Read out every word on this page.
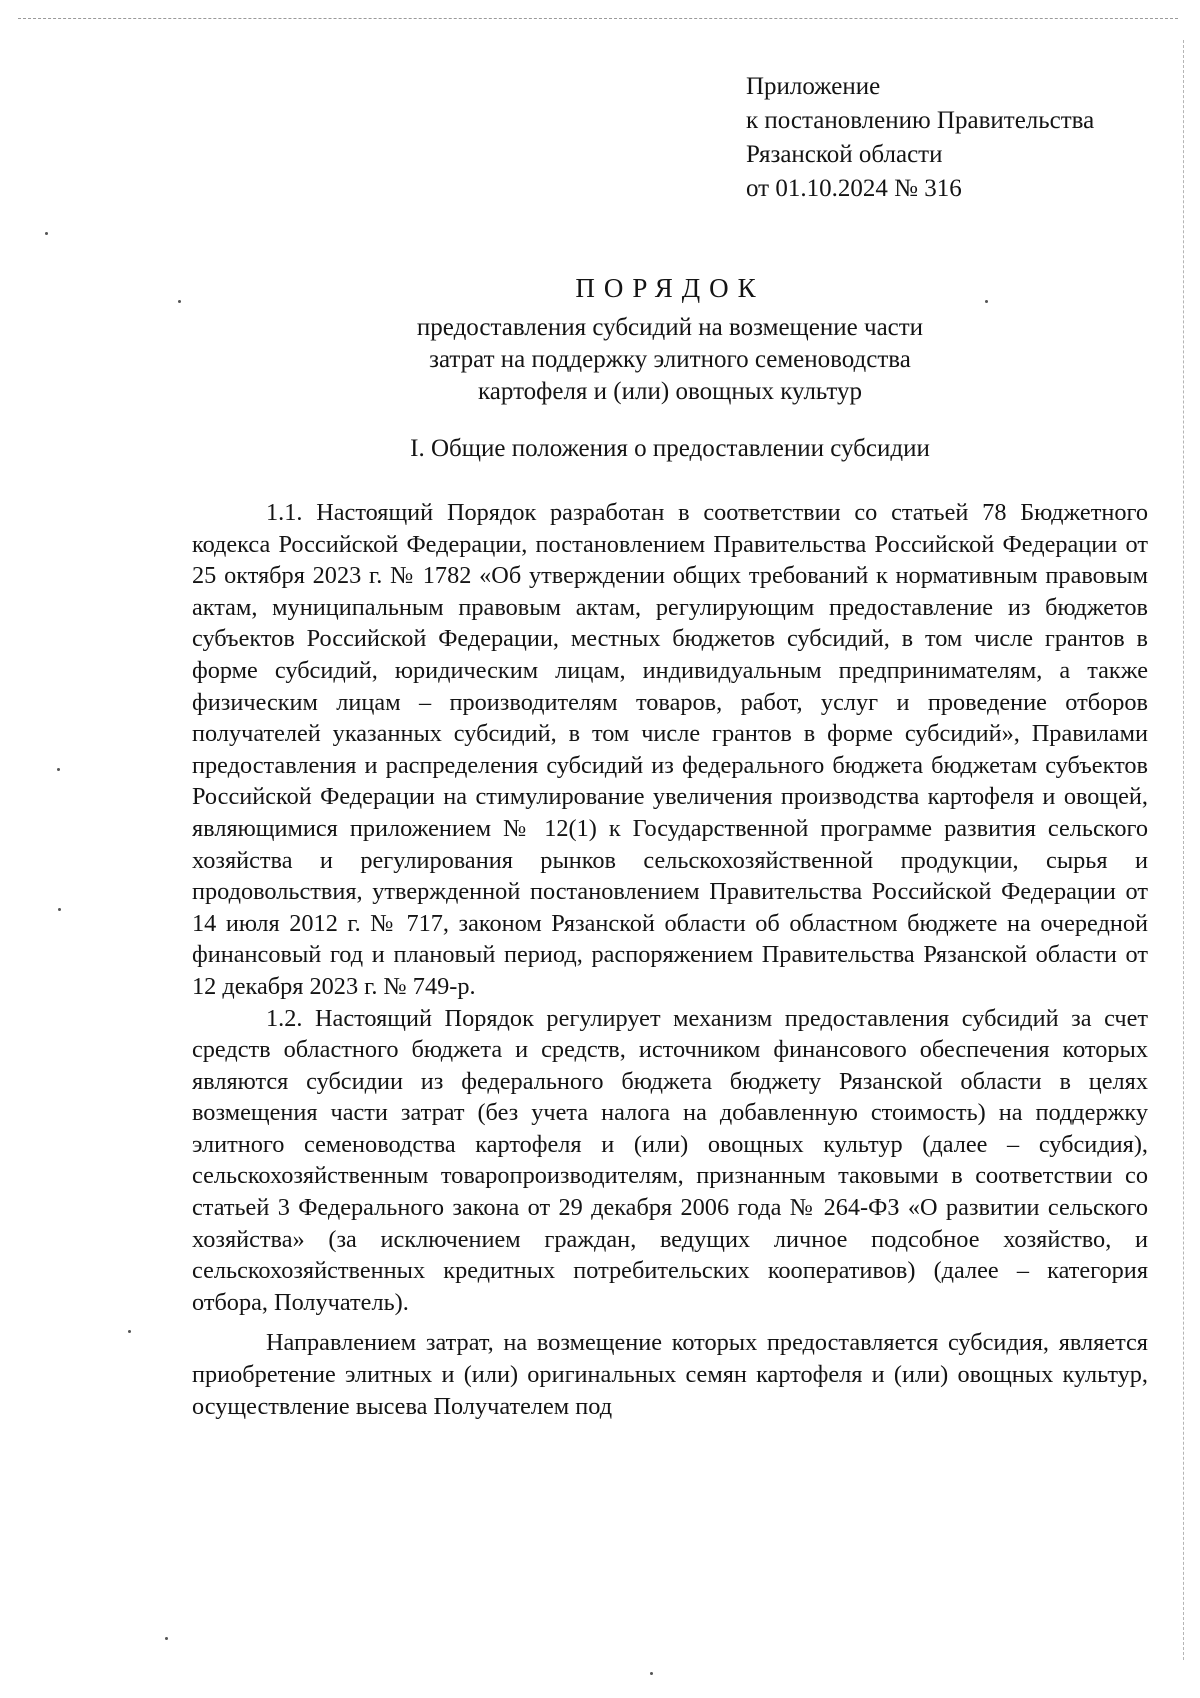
Приложение
к постановлению Правительства
Рязанской области
от 01.10.2024 № 316
ПОРЯДОК
предоставления субсидий на возмещение части
затрат на поддержку элитного семеноводства
картофеля и (или) овощных культур
I. Общие положения о предоставлении субсидии

1.1. Настоящий Порядок разработан в соответствии со статьей 78 Бюджетного кодекса Российской Федерации, постановлением Правительства Российской Федерации от 25 октября 2023 г. № 1782 «Об утверждении общих требований к нормативным правовым актам, муниципальным правовым актам, регулирующим предоставление из бюджетов субъектов Российской Федерации, местных бюджетов субсидий, в том числе грантов в форме субсидий, юридическим лицам, индивидуальным предпринимателям, а также физическим лицам – производителям товаров, работ, услуг и проведение отборов получателей указанных субсидий, в том числе грантов в форме субсидий», Правилами предоставления и распределения субсидий из федерального бюджета бюджетам субъектов Российской Федерации на стимулирование увеличения производства картофеля и овощей, являющимися приложением № 12(1) к Государственной программе развития сельского хозяйства и регулирования рынков сельскохозяйственной продукции, сырья и продовольствия, утвержденной постановлением Правительства Российской Федерации от 14 июля 2012 г. № 717, законом Рязанской области об областном бюджете на очередной финансовый год и плановый период, распоряжением Правительства Рязанской области от 12 декабря 2023 г. № 749-р.

1.2. Настоящий Порядок регулирует механизм предоставления субсидий за счет средств областного бюджета и средств, источником финансового обеспечения которых являются субсидии из федерального бюджета бюджету Рязанской области в целях возмещения части затрат (без учета налога на добавленную стоимость) на поддержку элитного семеноводства картофеля и (или) овощных культур (далее – субсидия), сельскохозяйственным товаропроизводителям, признанным таковыми в соответствии со статьей 3 Федерального закона от 29 декабря 2006 года № 264-ФЗ «О развитии сельского хозяйства» (за исключением граждан, ведущих личное подсобное хозяйство, и сельскохозяйственных кредитных потребительских кооперативов) (далее – категория отбора, Получатель).

Направлением затрат, на возмещение которых предоставляется субсидия, является приобретение элитных и (или) оригинальных семян картофеля и (или) овощных культур, осуществление высева Получателем под
